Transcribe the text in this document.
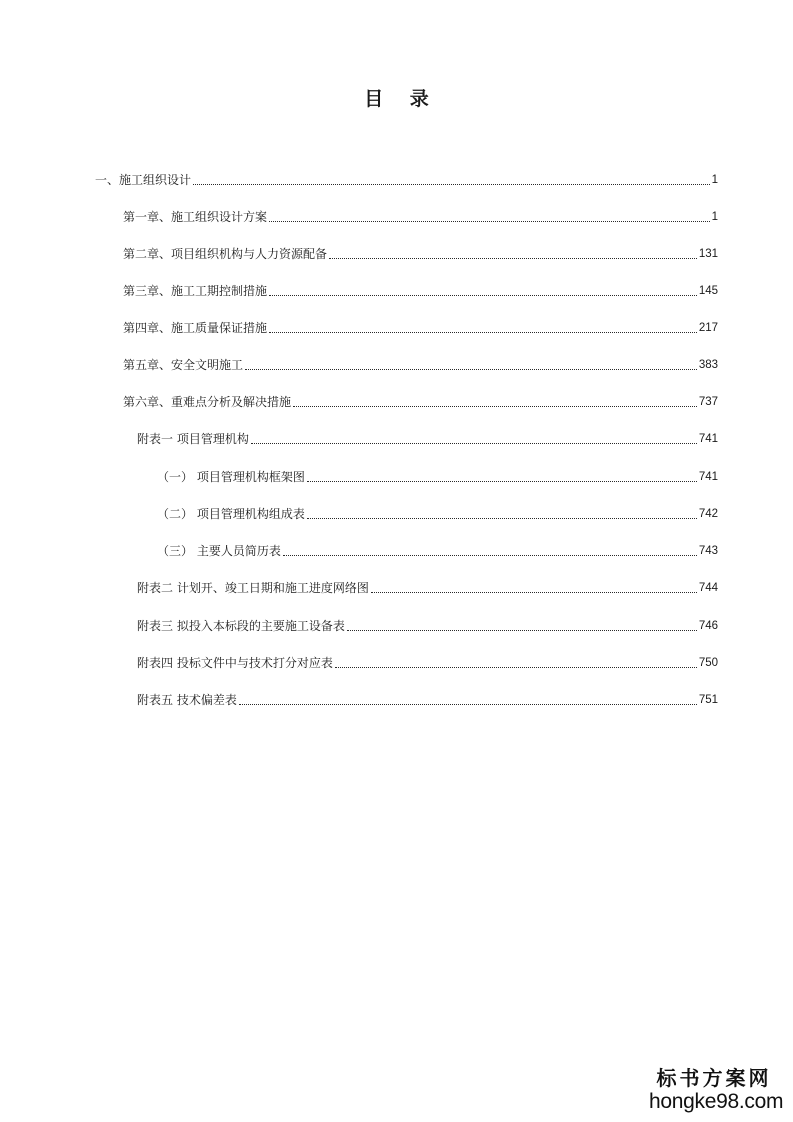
目 录
一、施工组织设计	1
第一章、施工组织设计方案	1
第二章、项目组织机构与人力资源配备	131
第三章、施工工期控制措施	145
第四章、施工质量保证措施	217
第五章、安全文明施工	383
第六章、重难点分析及解决措施	737
附表一 项目管理机构	741
（一） 项目管理机构框架图	741
（二） 项目管理机构组成表	742
（三） 主要人员简历表	743
附表二 计划开、竣工日期和施工进度网络图	744
附表三 拟投入本标段的主要施工设备表	746
附表四 投标文件中与技术打分对应表	750
附表五 技术偏差表	751
标书方案网
hongke98.com
